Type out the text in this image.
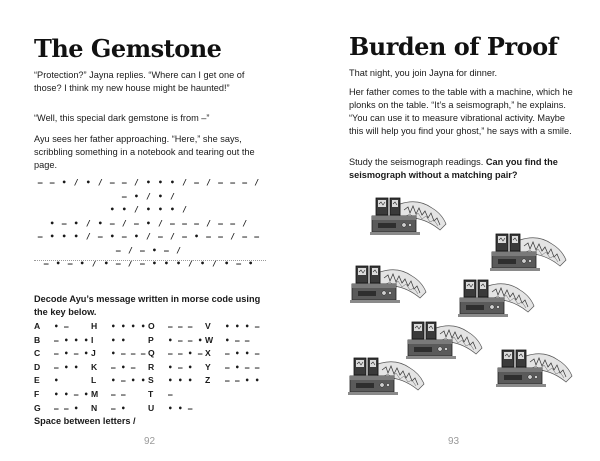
The Gemstone

“Protection?” Jayna replies. “Where can I get one of those? I think my new house might be haunted!”

“Well, this special dark gemstone is from –”

Ayu sees her father approaching. “Here,” she says, scribbling something in a notebook and tearing out the page.

– – • / • / – – / • • • / – / – – – / – • / • /
• • / • • • /
• – • / • – / – • / – – – / – – /
– • • • / – • – • / – / – • – – / – – – / – • – /
– • – • / • – / – • • • / • / • – •

Decode Ayu’s message written in morse code using the key below.

A • –
B – • • •
C – • – •
D – • •
E •
F • • – •
G – – •
H • • • •
I • •
J • – – –
K – • –
L • – • •
M – –
N – •
O – – –
P • – – •
Q – – • –
R • – •
S • • •
T –
U • • –
V • • • –
W • – –
X – • • –
Y – • – –
Z – – • •

Space between letters /

92
Burden of Proof

That night, you join Jayna for dinner.

Her father comes to the table with a machine, which he plonks on the table. “It’s a seismograph,” he explains. “You can use it to measure vibrational activity. Maybe this will help you find your ghost,” he says with a smile.

Study the seismograph readings. Can you find the seismograph without a matching pair?

93
